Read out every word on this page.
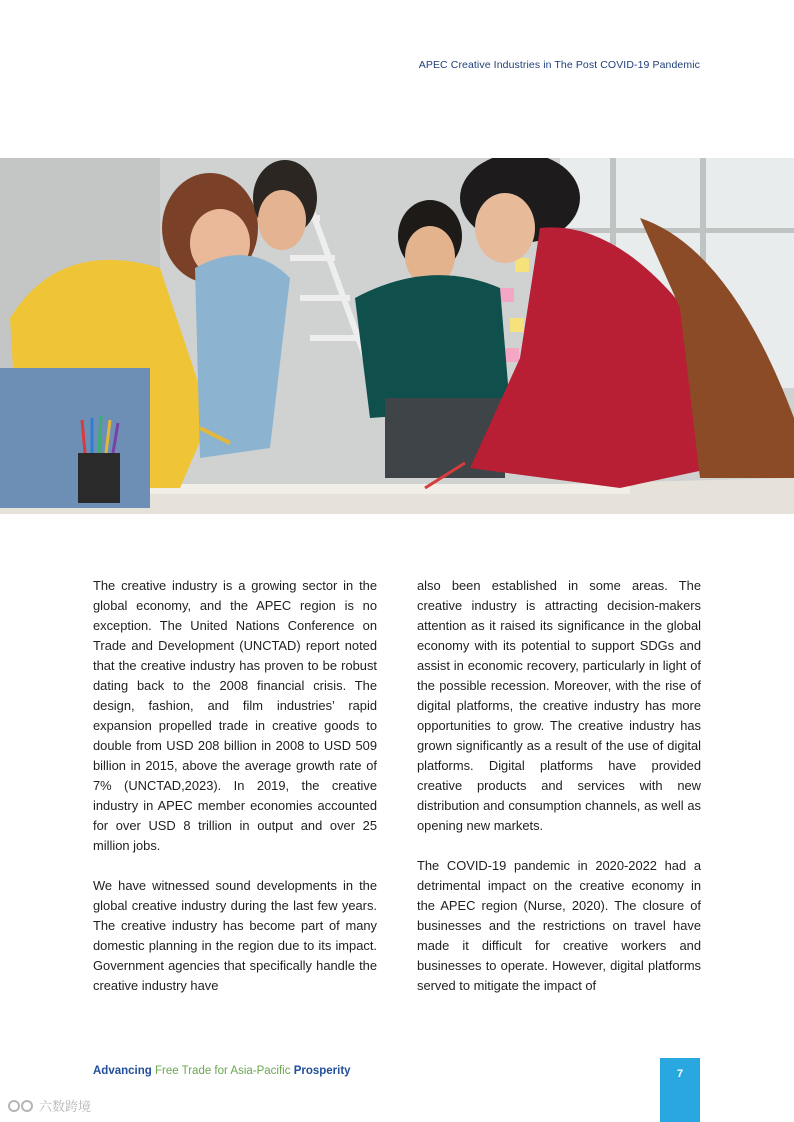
APEC Creative Industries in The Post COVID-19 Pandemic

The creative industry is a growing sector in the global economy, and the APEC region is no exception. The United Nations Conference on Trade and Development (UNCTAD) report noted that the creative industry has proven to be robust dating back to the 2008 financial crisis. The design, fashion, and film industries’ rapid expansion propelled trade in creative goods to double from USD 208 billion in 2008 to USD 509 billion in 2015, above the average growth rate of 7% (UNCTAD,2023). In 2019, the creative industry in APEC member economies accounted for over USD 8 trillion in output and over 25 million jobs.

We have witnessed sound developments in the global creative industry during the last few years. The creative industry has become part of many domestic planning in the region due to its impact. Government agencies that specifically handle the creative industry have

also been established in some areas. The creative industry is attracting decision-makers attention as it raised its significance in the global economy with its potential to support SDGs and assist in economic recovery, particularly in light of the possible recession. Moreover, with the rise of digital platforms, the creative industry has more opportunities to grow. The creative industry has grown significantly as a result of the use of digital platforms. Digital platforms have provided creative products and services with new distribution and consumption channels, as well as opening new markets.

The COVID-19 pandemic in 2020-2022 had a detrimental impact on the creative economy in the APEC region (Nurse, 2020). The closure of businesses and the restrictions on travel have made it difficult for creative workers and businesses to operate. However, digital platforms served to mitigate the impact of

Advancing Free Trade for Asia-Pacific Prosperity	7
六数跨境
